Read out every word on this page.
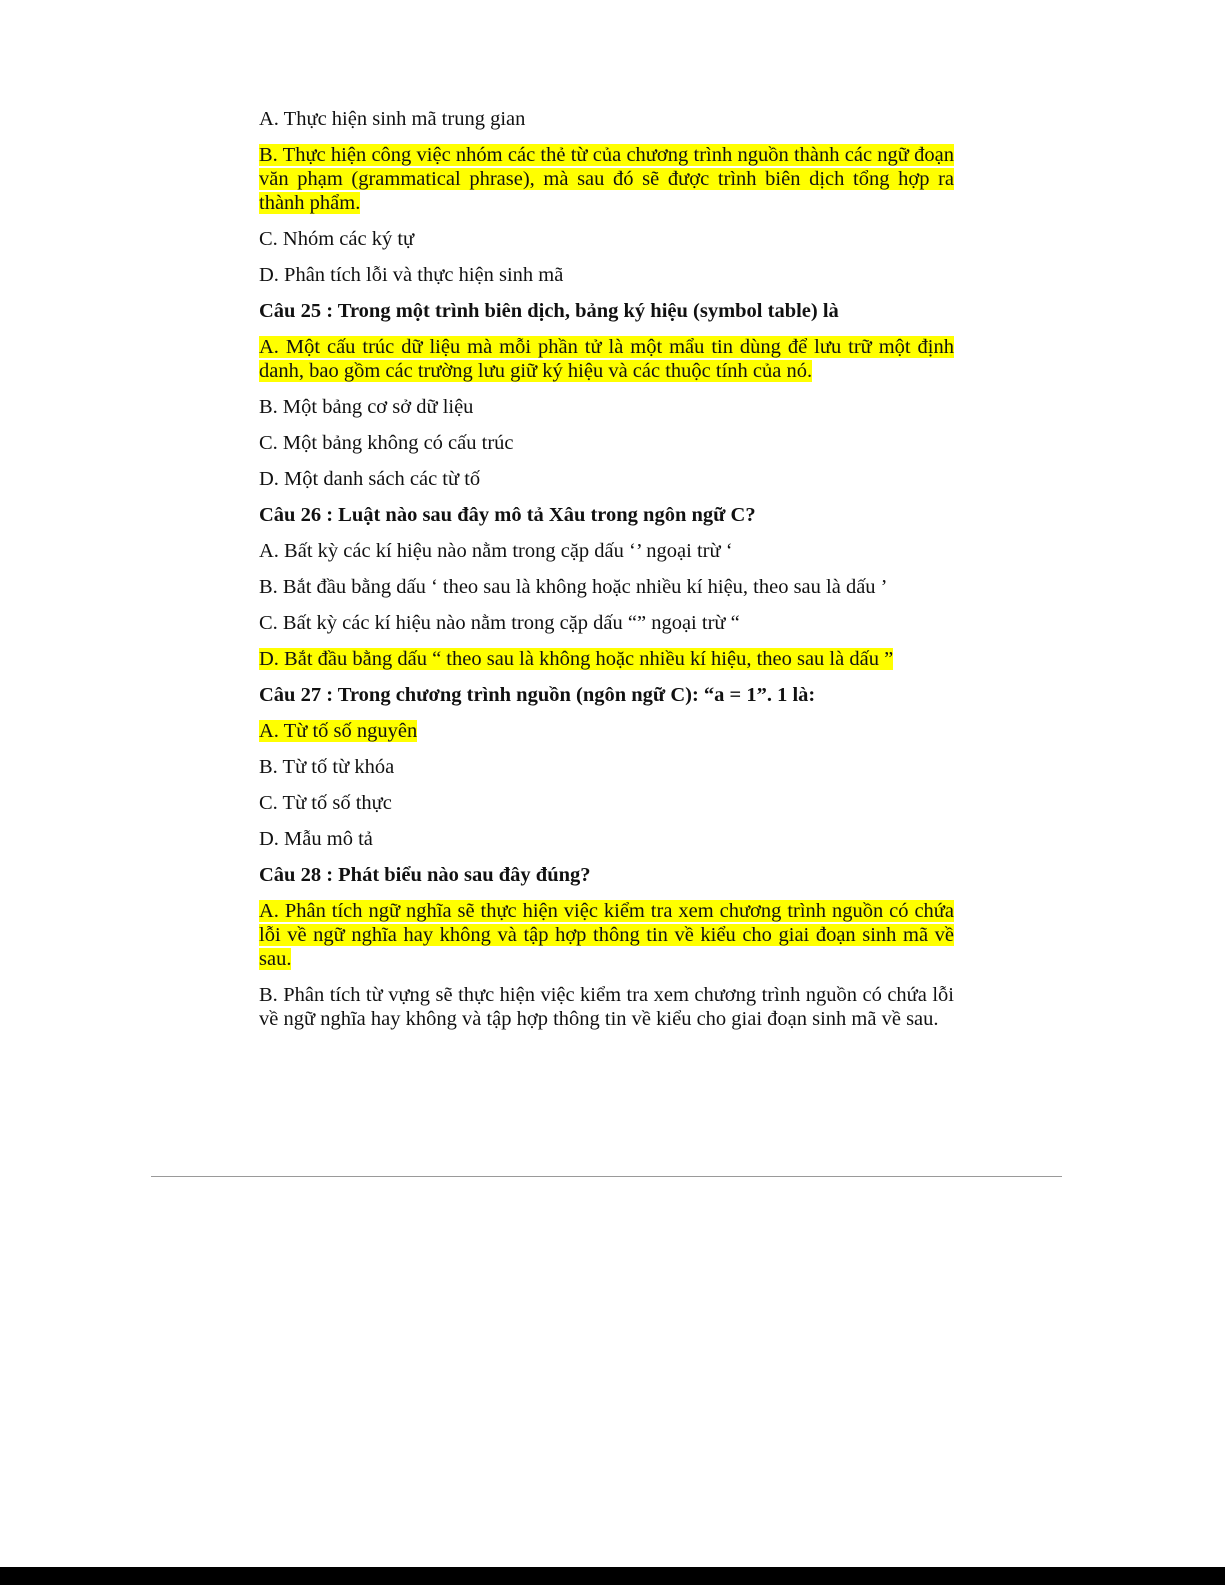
A. Thực hiện sinh mã trung gian

B. Thực hiện công việc nhóm các thẻ từ của chương trình nguồn thành các ngữ đoạn văn phạm (grammatical phrase), mà sau đó sẽ được trình biên dịch tổng hợp ra thành phẩm.

C. Nhóm các ký tự

D. Phân tích lỗi và thực hiện sinh mã

Câu 25 : Trong một trình biên dịch, bảng ký hiệu (symbol table) là

A. Một cấu trúc dữ liệu mà mỗi phần tử là một mẩu tin dùng để lưu trữ một định danh, bao gồm các trường lưu giữ ký hiệu và các thuộc tính của nó.

B. Một bảng cơ sở dữ liệu

C. Một bảng không có cấu trúc

D. Một danh sách các từ tố

Câu 26 : Luật nào sau đây mô tả Xâu trong ngôn ngữ C?

A. Bất kỳ các kí hiệu nào nằm trong cặp dấu ‘’ ngoại trừ ‘

B. Bắt đầu bằng dấu ‘ theo sau là không hoặc nhiều kí hiệu, theo sau là dấu ’

C. Bất kỳ các kí hiệu nào nằm trong cặp dấu “” ngoại trừ “

D. Bắt đầu bằng dấu “ theo sau là không hoặc nhiều kí hiệu, theo sau là dấu ”

Câu 27 : Trong chương trình nguồn (ngôn ngữ C): “a = 1”. 1 là:

A. Từ tố số nguyên

B. Từ tố từ khóa

C. Từ tố số thực

D. Mẫu mô tả

Câu 28 : Phát biểu nào sau đây đúng?

A. Phân tích ngữ nghĩa sẽ thực hiện việc kiểm tra xem chương trình nguồn có chứa lỗi về ngữ nghĩa hay không và tập hợp thông tin về kiểu cho giai đoạn sinh mã về sau.

B. Phân tích từ vựng sẽ thực hiện việc kiểm tra xem chương trình nguồn có chứa lỗi về ngữ nghĩa hay không và tập hợp thông tin về kiểu cho giai đoạn sinh mã về sau.
